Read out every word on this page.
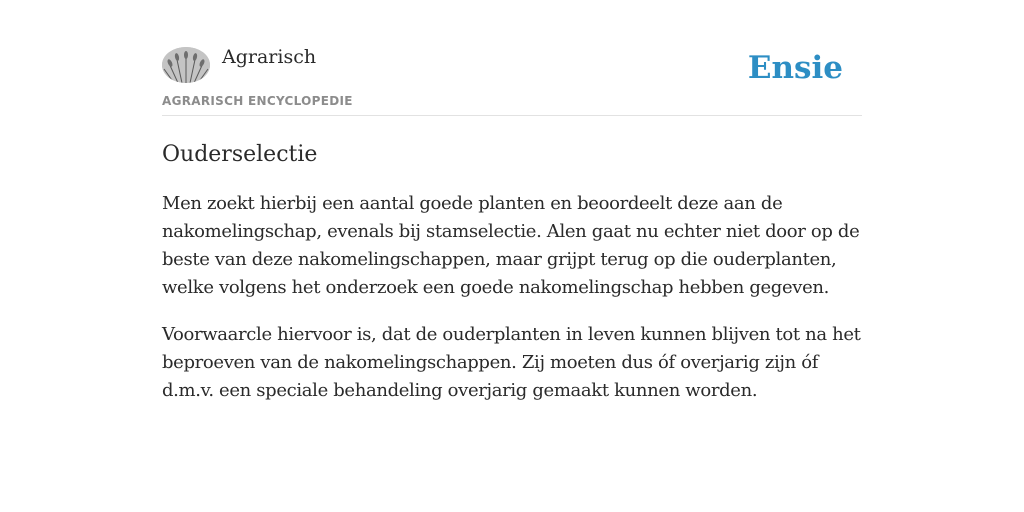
Agrarisch
AGRARISCH ENCYCLOPEDIE
Ensie
Ouderselectie

Men zoekt hierbij een aantal goede planten en beoordeelt deze aan de nakomelingschap, evenals bij stamselectie. Alen gaat nu echter niet door op de beste van deze nakomelingschappen, maar grijpt terug op die ouderplanten, welke volgens het onderzoek een goede nakomelingschap hebben gegeven.

Voorwaarcle hiervoor is, dat de ouderplanten in leven kunnen blijven tot na het beproeven van de nakomelingschappen. Zij moeten dus óf overjarig zijn óf d.m.v. een speciale behandeling overjarig gemaakt kunnen worden.
